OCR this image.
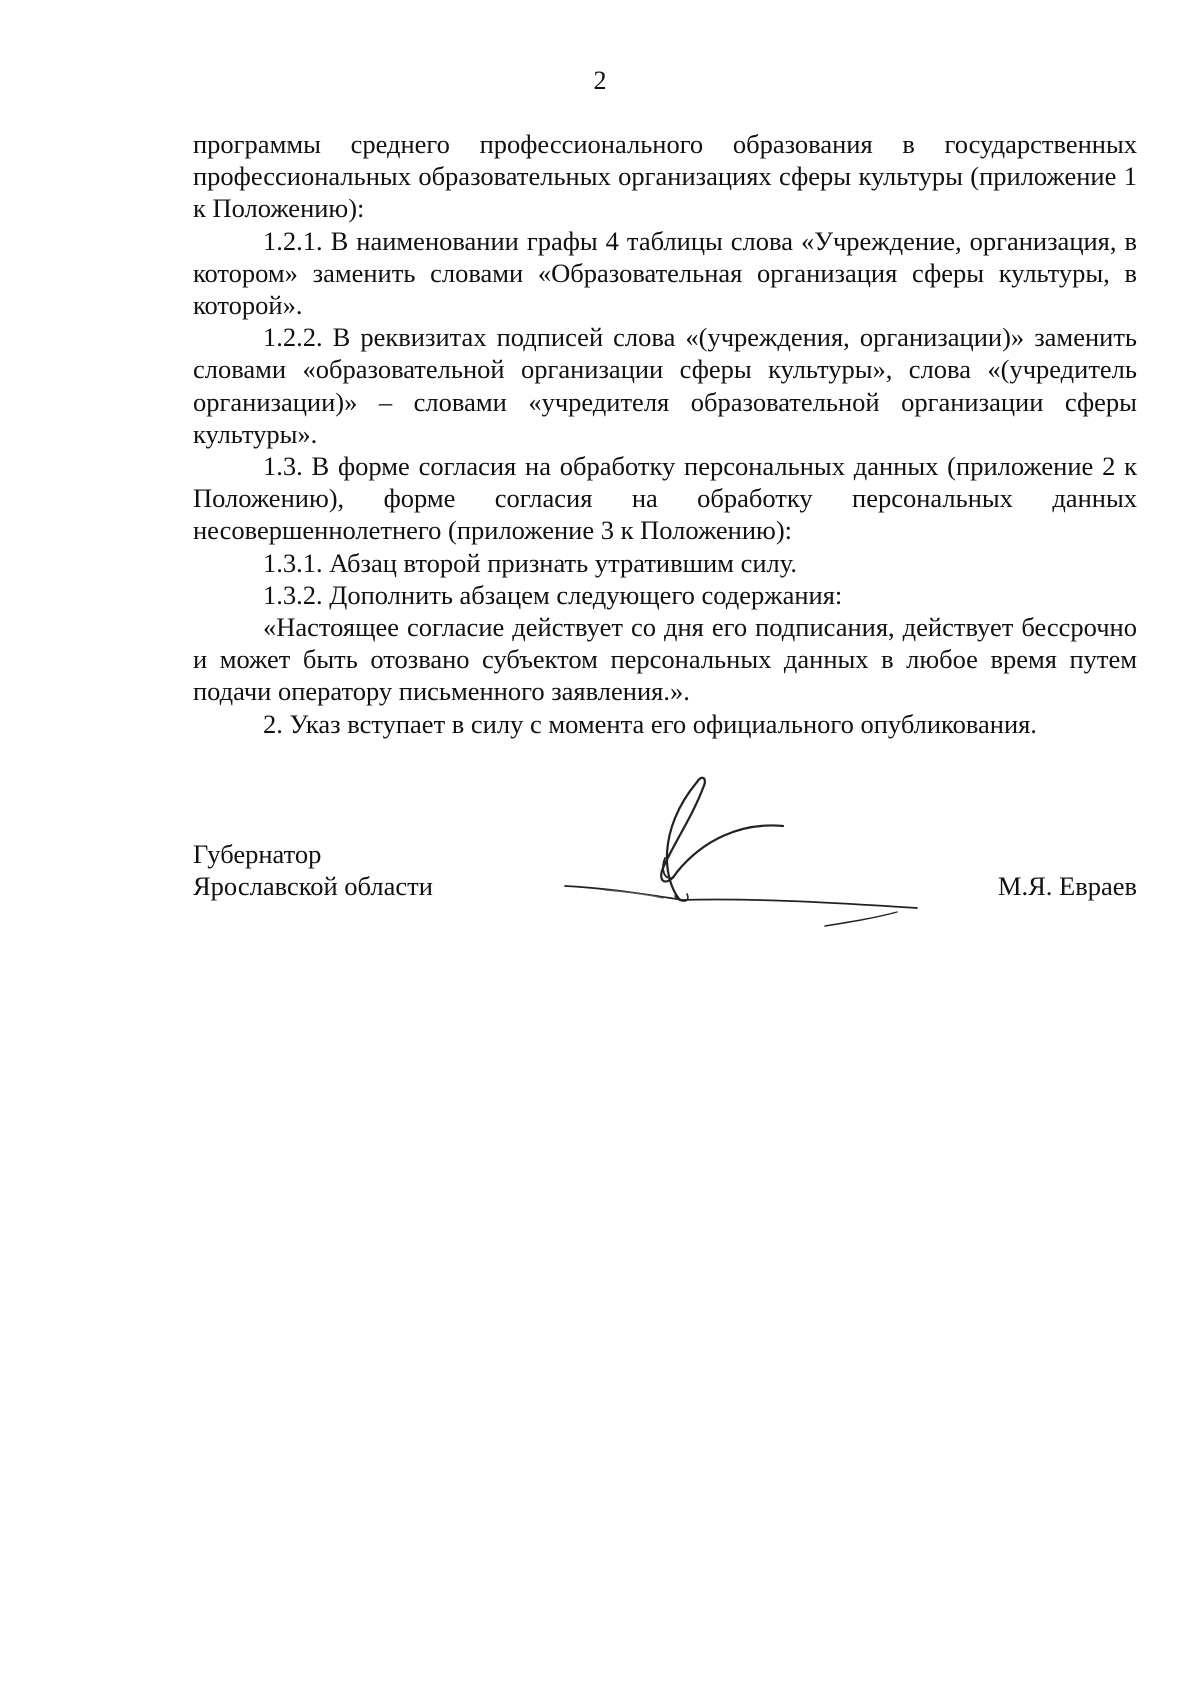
2

программы среднего профессионального образования в государственных профессиональных образовательных организациях сферы культуры (приложение 1 к Положению):

1.2.1. В наименовании графы 4 таблицы слова «Учреждение, организация, в котором» заменить словами «Образовательная организация сферы культуры, в которой».

1.2.2. В реквизитах подписей слова «(учреждения, организации)» заменить словами «образовательной организации сферы культуры», слова «(учредитель организации)» – словами «учредителя образовательной организации сферы культуры».

1.3. В форме согласия на обработку персональных данных (приложение 2 к Положению), форме согласия на обработку персональных данных несовершеннолетнего (приложение 3 к Положению):

1.3.1. Абзац второй признать утратившим силу.

1.3.2. Дополнить абзацем следующего содержания:

«Настоящее согласие действует со дня его подписания, действует бессрочно и может быть отозвано субъектом персональных данных в любое время путем подачи оператору письменного заявления.».

2. Указ вступает в силу с момента его официального опубликования.

Губернатор
Ярославской области	М.Я. Евраев
